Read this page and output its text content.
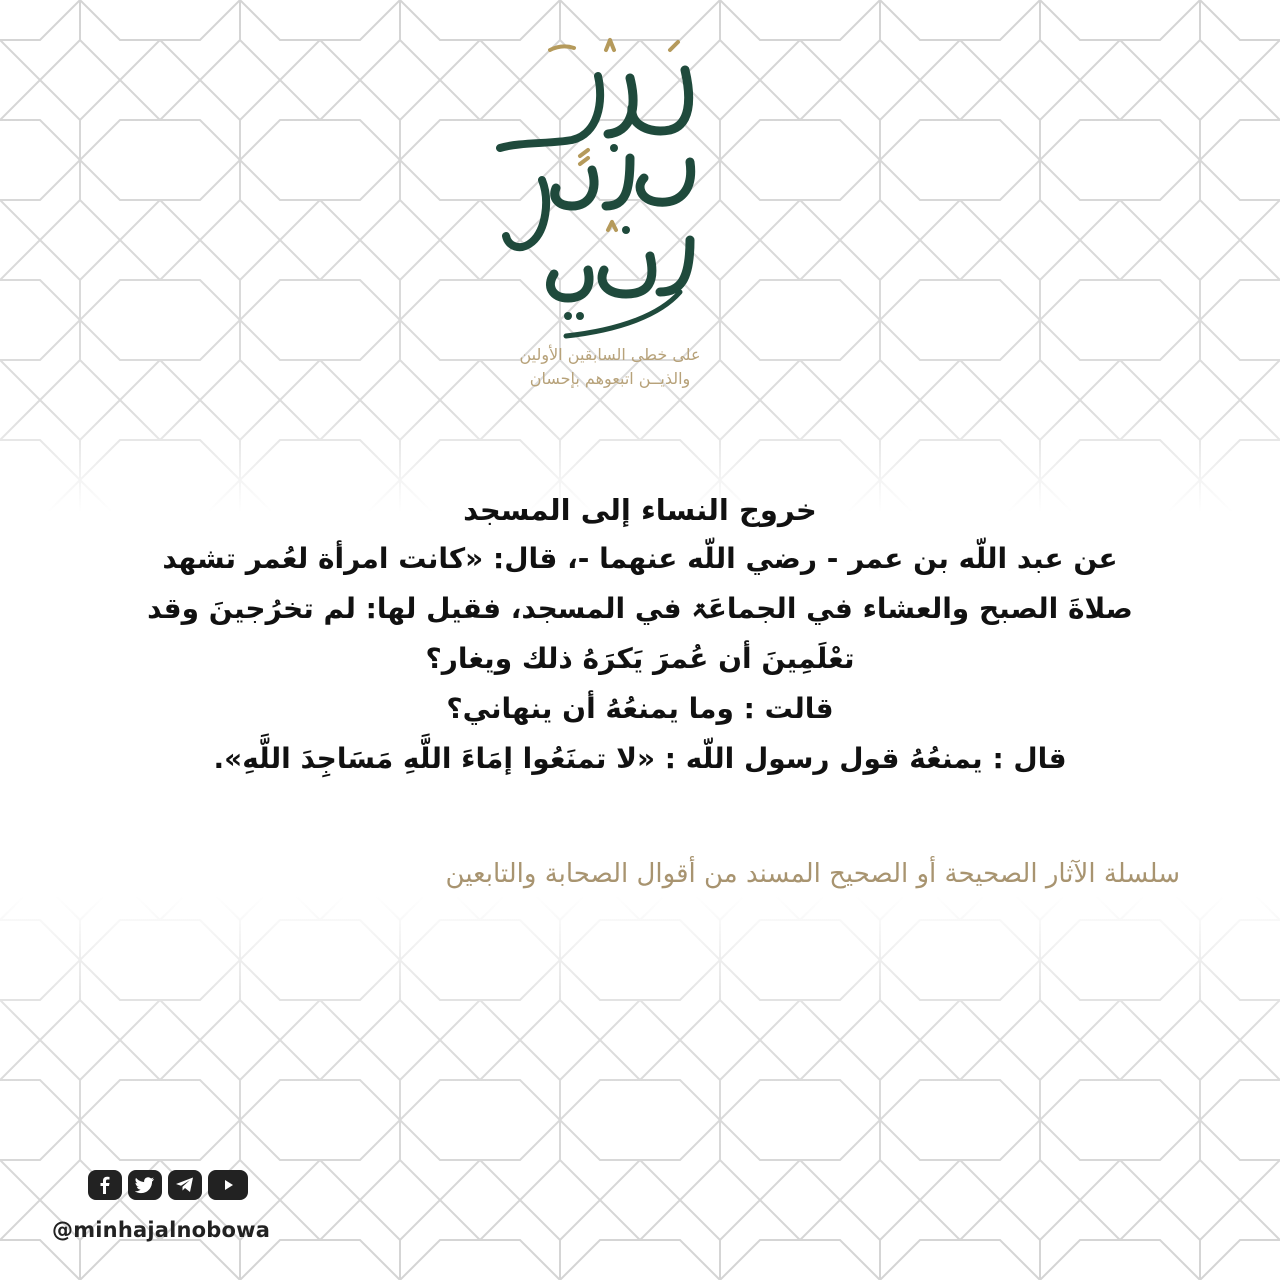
على خطى السابقين الأولين
والذيــن اتبعوهم بإحسان
خروج النساء إلى المسجد
عن عبد اللّه بن عمر - رضي اللّه عنهما -، قال: «كانت امرأة لعُمر تشهد
صلاةَ الصبح والعشاء في الجماعَۃ في المسجد، فقيل لها: لم تخرُجينَ وقد
تعْلَمِينَ أن عُمرَ يَكرَهُ ذلك ويغار؟
قالت : وما يمنعُهُ أن ينهاني؟
قال : يمنعُهُ قول رسول اللّه : «لا تمنَعُوا إمَاءَ اللَّهِ مَسَاجِدَ اللَّهِ».
سلسلة الآثار الصحيحة أو الصحيح المسند من أقوال الصحابة والتابعين
@minhajalnobowa
